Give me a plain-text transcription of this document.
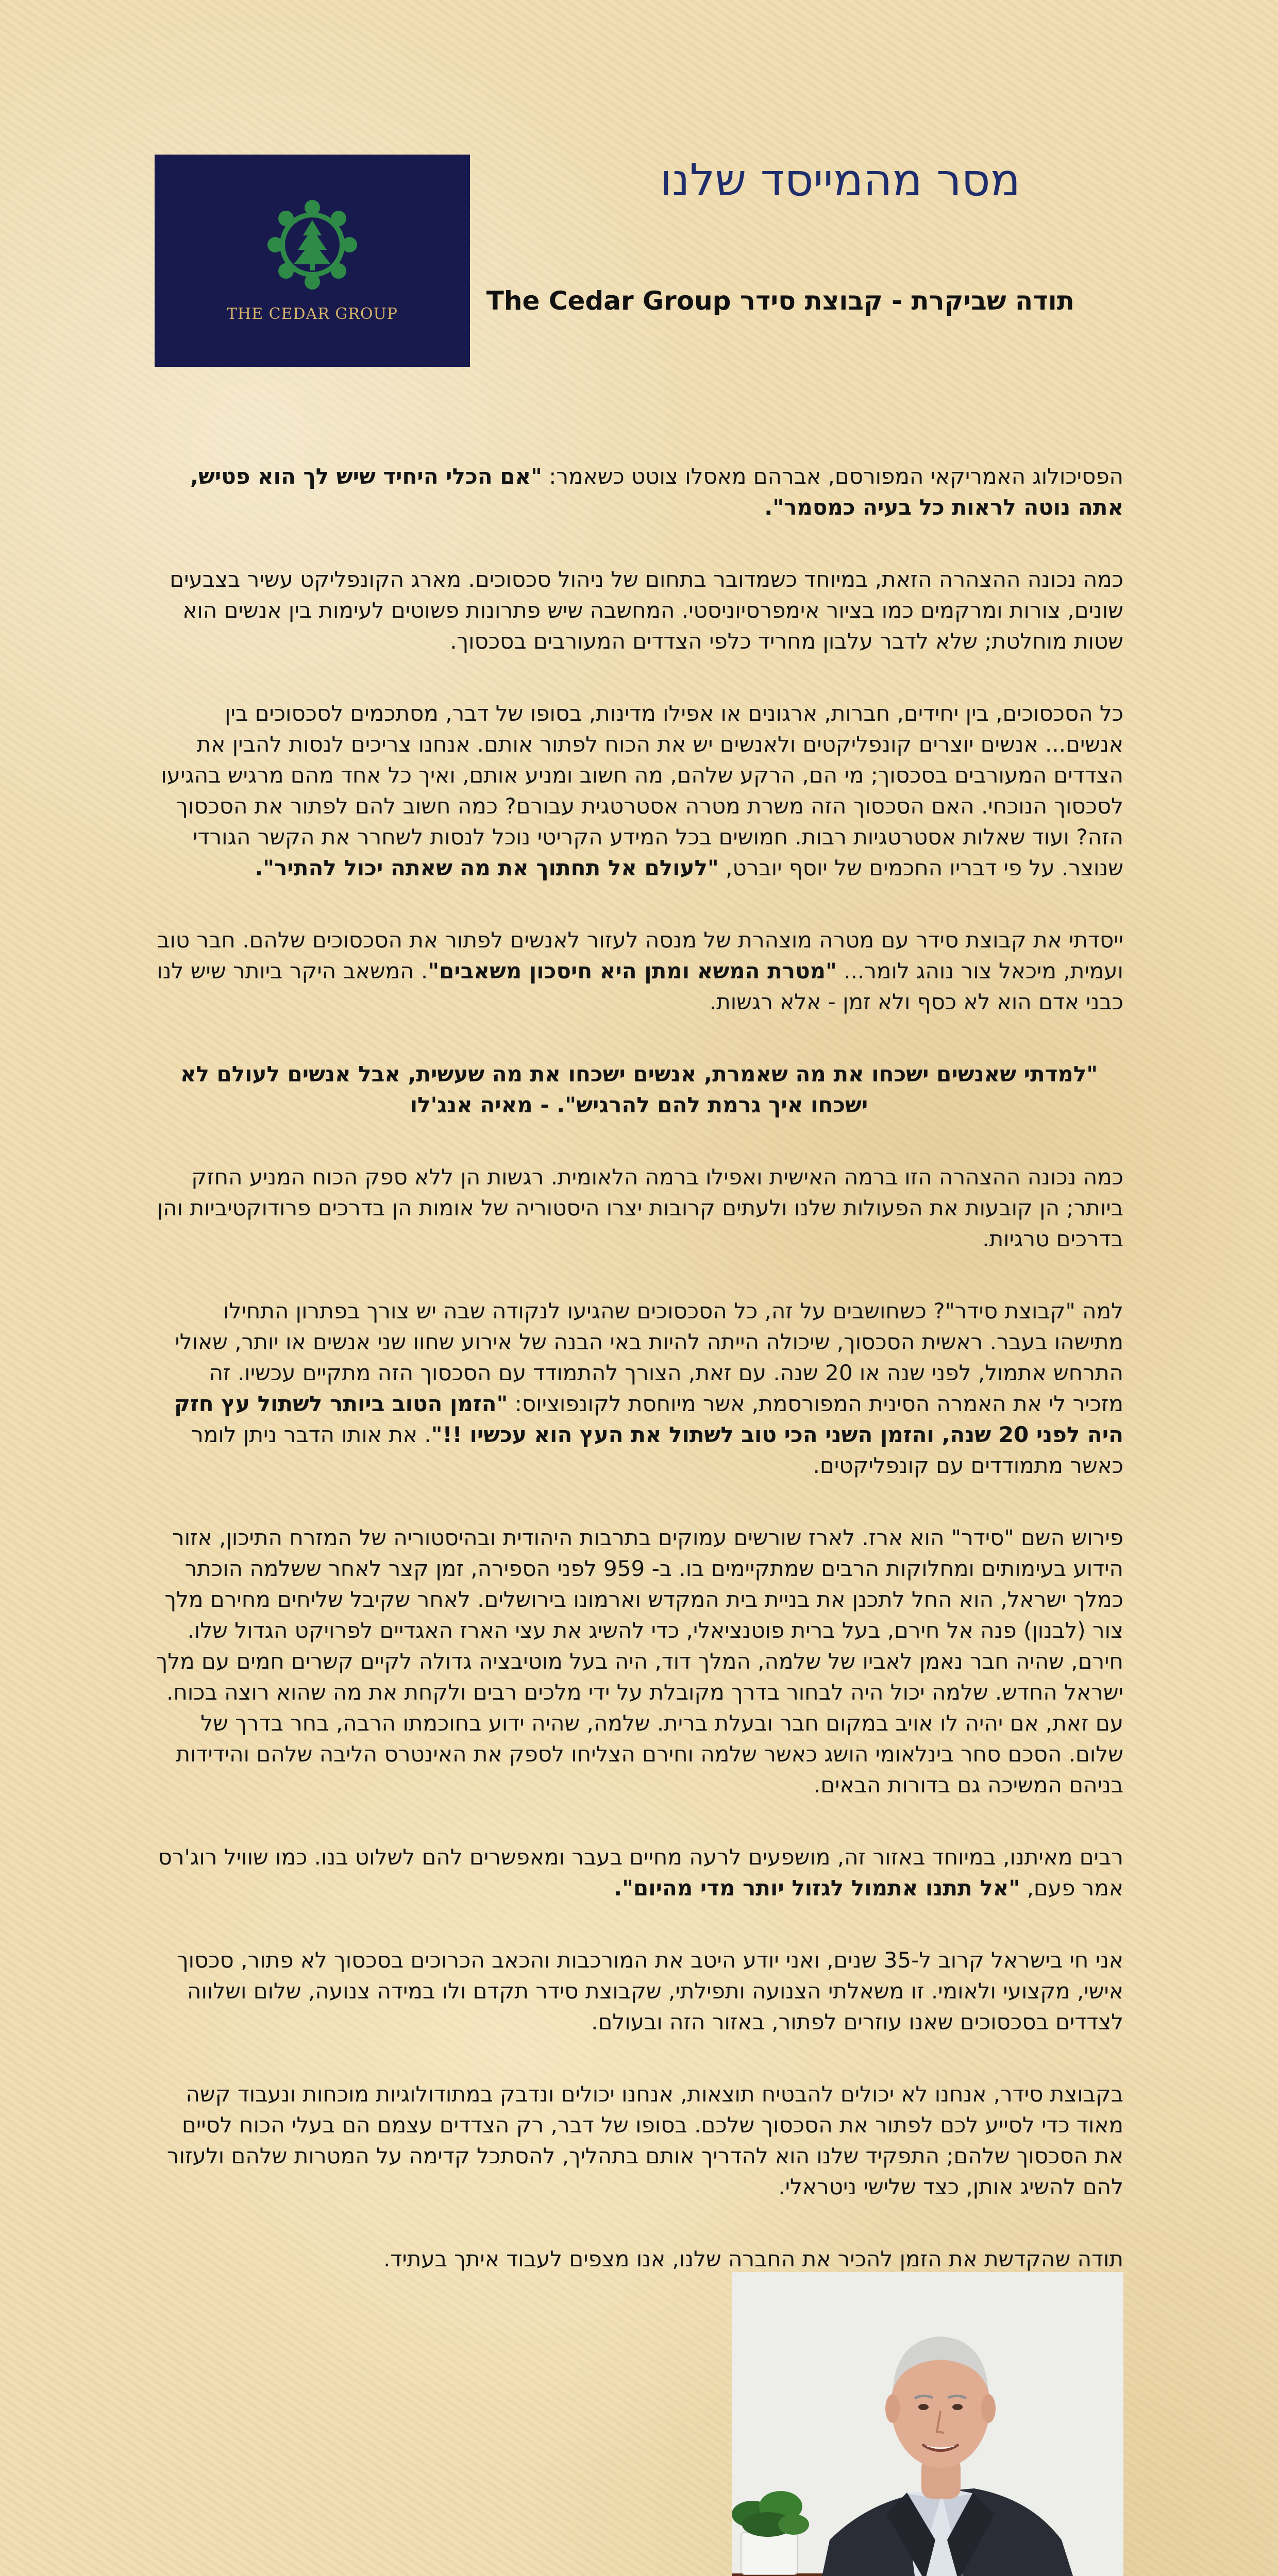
THE CEDAR GROUP
מסר מהמייסד שלנו
תודה שביקרת - קבוצת סידר The Cedar Group

הפסיכולוג האמריקאי המפורסם, אברהם מאסלו צוטט כשאמר: "אם הכלי היחיד שיש לך הוא פטיש, אתה נוטה לראות כל בעיה כמסמר".

כמה נכונה ההצהרה הזאת, במיוחד כשמדובר בתחום של ניהול סכסוכים. מארג הקונפליקט עשיר בצבעים שונים, צורות ומרקמים כמו בציור אימפרסיוניסטי. המחשבה שיש פתרונות פשוטים לעימות בין אנשים הוא שטות מוחלטת; שלא לדבר עלבון מחריד כלפי הצדדים המעורבים בסכסוך.

כל הסכסוכים, בין יחידים, חברות, ארגונים או אפילו מדינות, בסופו של דבר, מסתכמים לסכסוכים בין אנשים... אנשים יוצרים קונפליקטים ולאנשים יש את הכוח לפתור אותם. אנחנו צריכים לנסות להבין את הצדדים המעורבים בסכסוך; מי הם, הרקע שלהם, מה חשוב ומניע אותם, ואיך כל אחד מהם מרגיש בהגיעו לסכסוך הנוכחי. האם הסכסוך הזה משרת מטרה אסטרטגית עבורם? כמה חשוב להם לפתור את הסכסוך הזה? ועוד שאלות אסטרטגיות רבות. חמושים בכל המידע הקריטי נוכל לנסות לשחרר את הקשר הגורדי שנוצר. על פי דבריו החכמים של יוסף יוברט, "לעולם אל תחתוך את מה שאתה יכול להתיר".

ייסדתי את קבוצת סידר עם מטרה מוצהרת של מנסה לעזור לאנשים לפתור את הסכסוכים שלהם. חבר טוב ועמית, מיכאל צור נוהג לומר... "מטרת המשא ומתן היא חיסכון משאבים". המשאב היקר ביותר שיש לנו כבני אדם הוא לא כסף ולא זמן - אלא רגשות.

"למדתי שאנשים ישכחו את מה שאמרת, אנשים ישכחו את מה שעשית, אבל אנשים לעולם לא ישכחו איך גרמת להם להרגיש". - מאיה אנג'לו

כמה נכונה ההצהרה הזו ברמה האישית ואפילו ברמה הלאומית. רגשות הן ללא ספק הכוח המניע החזק ביותר; הן קובעות את הפעולות שלנו ולעתים קרובות יצרו היסטוריה של אומות הן בדרכים פרודוקטיביות והן בדרכים טרגיות.

למה "קבוצת סידר"? כשחושבים על זה, כל הסכסוכים שהגיעו לנקודה שבה יש צורך בפתרון התחילו מתישהו בעבר. ראשית הסכסוך, שיכולה הייתה להיות באי הבנה של אירוע שחוו שני אנשים או יותר, שאולי התרחש אתמול, לפני שנה או 20 שנה. עם זאת, הצורך להתמודד עם הסכסוך הזה מתקיים עכשיו. זה מזכיר לי את האמרה הסינית המפורסמת, אשר מיוחסת לקונפוציוס: "הזמן הטוב ביותר לשתול עץ חזק היה לפני 20 שנה, והזמן השני הכי טוב לשתול את העץ הוא עכשיו !!". את אותו הדבר ניתן לומר כאשר מתמודדים עם קונפליקטים.

פירוש השם "סידר" הוא ארז. לארז שורשים עמוקים בתרבות היהודית ובהיסטוריה של המזרח התיכון, אזור הידוע בעימותים ומחלוקות הרבים שמתקיימים בו. ב- 959 לפני הספירה, זמן קצר לאחר ששלמה הוכתר כמלך ישראל, הוא החל לתכנן את בניית בית המקדש וארמונו בירושלים. לאחר שקיבל שליחים מחירם מלך צור (לבנון) פנה אל חירם, בעל ברית פוטנציאלי, כדי להשיג את עצי הארז האגדיים לפרויקט הגדול שלו. חירם, שהיה חבר נאמן לאביו של שלמה, המלך דוד, היה בעל מוטיבציה גדולה לקיים קשרים חמים עם מלך ישראל החדש. שלמה יכול היה לבחור בדרך מקובלת על ידי מלכים רבים ולקחת את מה שהוא רוצה בכוח. עם זאת, אם יהיה לו אויב במקום חבר ובעלת ברית. שלמה, שהיה ידוע בחוכמתו הרבה, בחר בדרך של שלום. הסכם סחר בינלאומי הושג כאשר שלמה וחירם הצליחו לספק את האינטרס הליבה שלהם והידידות בניהם המשיכה גם בדורות הבאים.

רבים מאיתנו, במיוחד באזור זה, מושפעים לרעה מחיים בעבר ומאפשרים להם לשלוט בנו. כמו שוויל רוג'רס אמר פעם, "אל תתנו אתמול לגזול יותר מדי מהיום".

אני חי בישראל קרוב ל-35 שנים, ואני יודע היטב את המורכבות והכאב הכרוכים בסכסוך לא פתור, סכסוך אישי, מקצועי ולאומי. זו משאלתי הצנועה ותפילתי, שקבוצת סידר תקדם ולו במידה צנועה, שלום ושלווה לצדדים בסכסוכים שאנו עוזרים לפתור, באזור הזה ובעולם.

בקבוצת סידר, אנחנו לא יכולים להבטיח תוצאות, אנחנו יכולים ונדבק במתודולוגיות מוכחות ונעבוד קשה מאוד כדי לסייע לכם לפתור את הסכסוך שלכם. בסופו של דבר, רק הצדדים עצמם הם בעלי הכוח לסיים את הסכסוך שלהם; התפקיד שלנו הוא להדריך אותם בתהליך, להסתכל קדימה על המטרות שלהם ולעזור להם להשיג אותן, כצד שלישי ניטראלי.

תודה שהקדשת את הזמן להכיר את החברה שלנו, אנו מצפים לעבוד איתך בעתיד.
